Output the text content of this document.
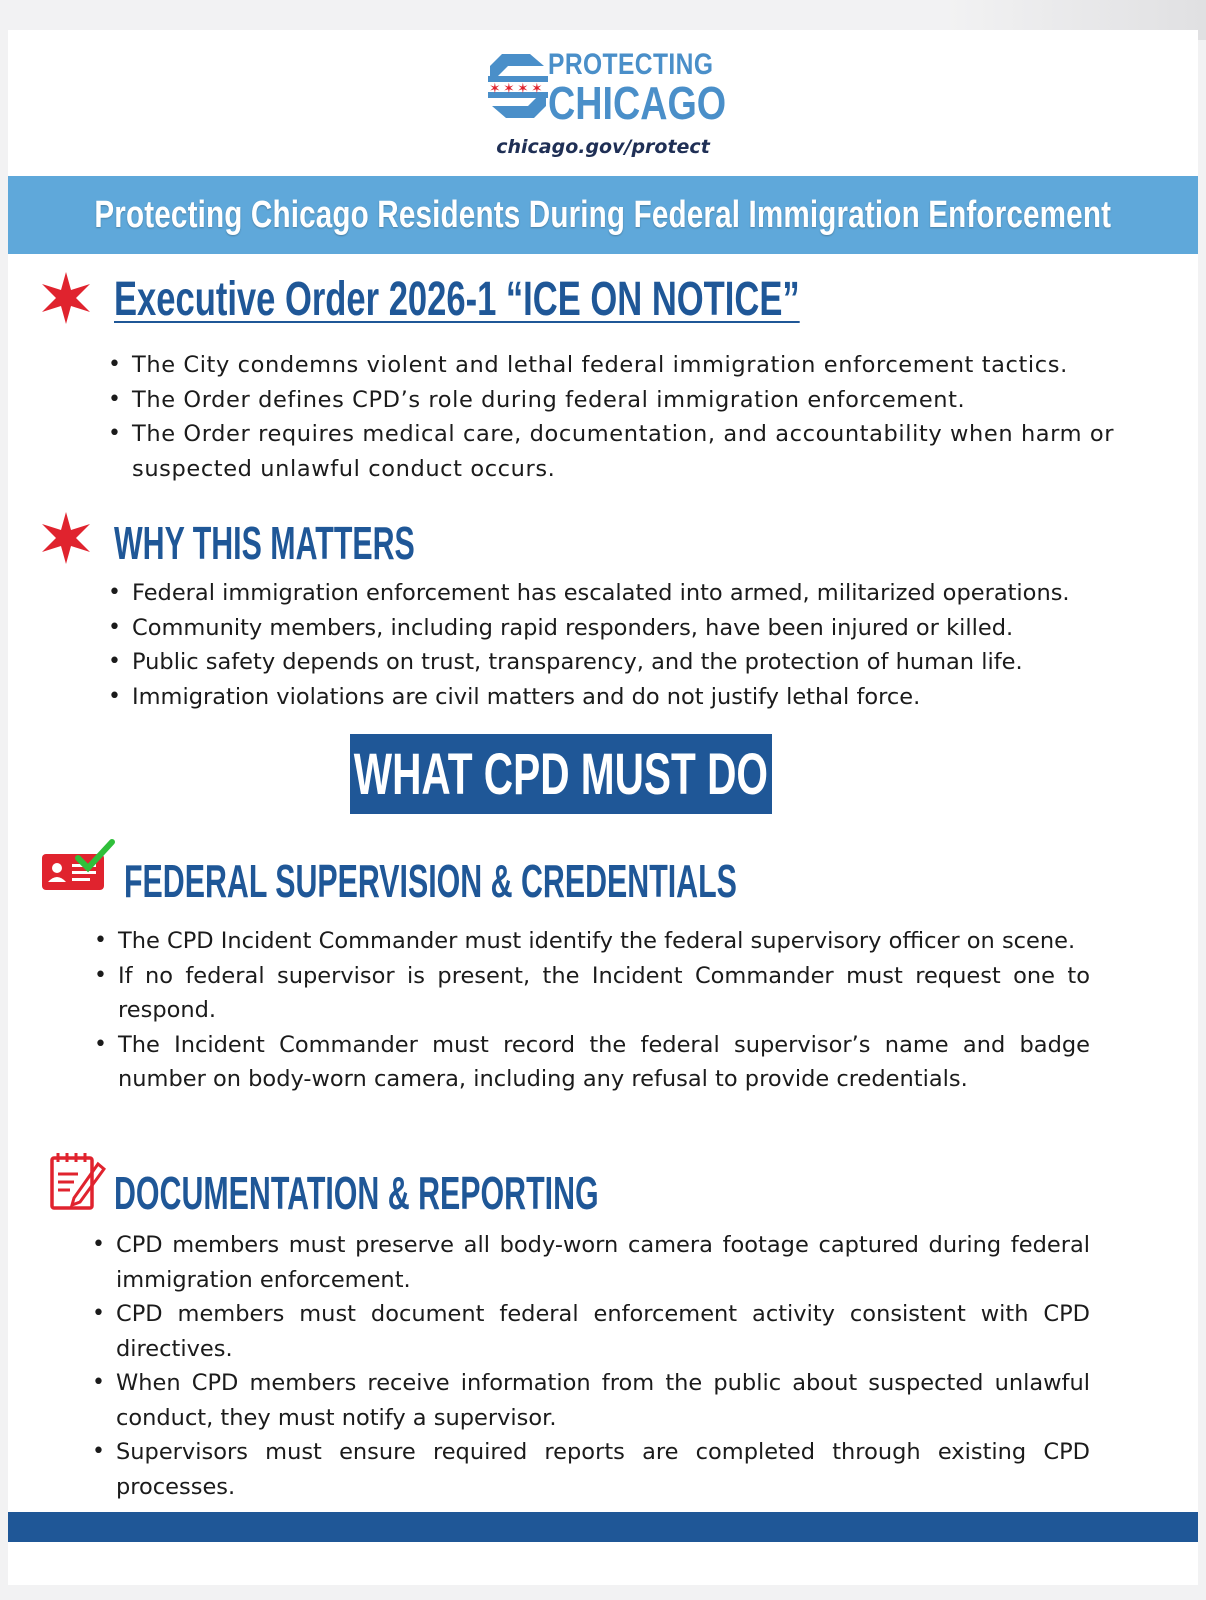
✶ ✶ ✶ ✶
PROTECTING
CHICAGO
chicago.gov/protect
Protecting Chicago Residents During Federal Immigration Enforcement
Executive Order 2026-1 “ICE ON NOTICE”
• The City condemns violent and lethal federal immigration enforcement tactics.
• The Order defines CPD’s role during federal immigration enforcement.
• The Order requires medical care, documentation, and accountability when harm or suspected unlawful conduct occurs.
WHY THIS MATTERS
• Federal immigration enforcement has escalated into armed, militarized operations.
• Community members, including rapid responders, have been injured or killed.
• Public safety depends on trust, transparency, and the protection of human life.
• Immigration violations are civil matters and do not justify lethal force.
WHAT CPD MUST DO
FEDERAL SUPERVISION & CREDENTIALS
• The CPD Incident Commander must identify the federal supervisory officer on scene.
• If no federal supervisor is present, the Incident Commander must request one to respond.
• The Incident Commander must record the federal supervisor’s name and badge number on body-worn camera, including any refusal to provide credentials.
DOCUMENTATION & REPORTING
• CPD members must preserve all body-worn camera footage captured during federal immigration enforcement.
• CPD members must document federal enforcement activity consistent with CPD directives.
• When CPD members receive information from the public about suspected unlawful conduct, they must notify a supervisor.
• Supervisors must ensure required reports are completed through existing CPD processes.
